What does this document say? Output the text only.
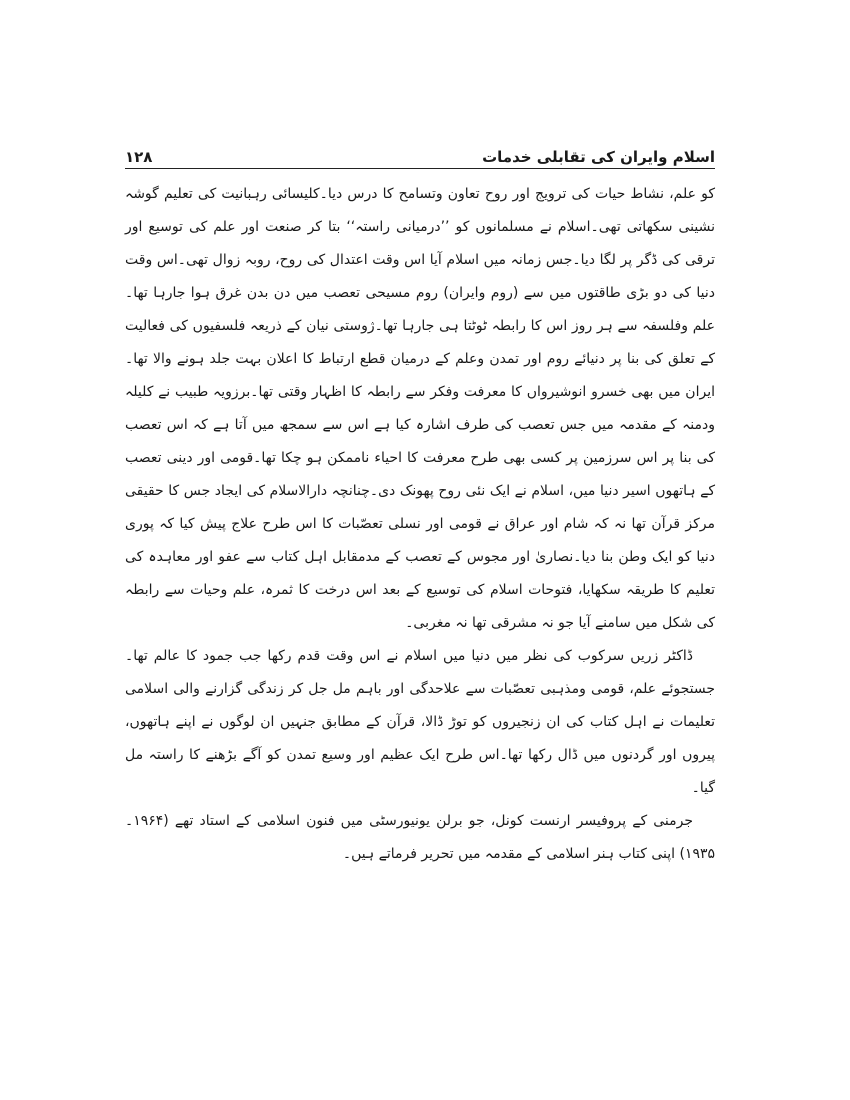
اسلام وایران کی تقابلی خدمات
۱۲۸

کو علم، نشاط حیات کی ترویج اور روح تعاون وتسامح کا درس دیا۔کلیسائی رہبانیت کی تعلیم گوشہ نشینی سکھاتی تھی۔اسلام نے مسلمانوں کو ’’درمیانی راستہ‘‘ بتا کر صنعت اور علم کی توسیع اور ترقی کی ڈگر پر لگا دیا۔جس زمانہ میں اسلام آیا اس وقت اعتدال کی روح، روبہ زوال تھی۔اس وقت دنیا کی دو بڑی طاقتوں میں سے (روم وایران) روم مسیحی تعصب میں دن بدن غرق ہوا جارہا تھا۔علم وفلسفہ سے ہر روز اس کا رابطہ ٹوٹتا ہی جارہا تھا۔ژوستی نیان کے ذریعہ فلسفیوں کی فعالیت کے تعلق کی بنا پر دنیائے روم اور تمدن وعلم کے درمیان قطع ارتباط کا اعلان بہت جلد ہونے والا تھا۔ایران میں بھی خسرو انوشیرواں کا معرفت وفکر سے رابطہ کا اظہار وقتی تھا۔برزویہ طبیب نے کلیلہ ودمنہ کے مقدمہ میں جس تعصب کی طرف اشارہ کیا ہے اس سے سمجھ میں آتا ہے کہ اس تعصب کی بنا پر اس سرزمین پر کسی بھی طرح معرفت کا احیاء ناممکن ہو چکا تھا۔قومی اور دینی تعصب کے ہاتھوں اسیر دنیا میں، اسلام نے ایک نئی روح پھونک دی۔چنانچہ دارالاسلام کی ایجاد جس کا حقیقی مرکز قرآن تھا نہ کہ شام اور عراق نے قومی اور نسلی تعصّبات کا اس طرح علاج پیش کیا کہ پوری دنیا کو ایک وطن بنا دیا۔نصاریٰ اور مجوس کے تعصب کے مدمقابل اہل کتاب سے عفو اور معاہدہ کی تعلیم کا طریقہ سکھایا، فتوحات اسلام کی توسیع کے بعد اس درخت کا ثمرہ، علم وحیات سے رابطہ کی شکل میں سامنے آیا جو نہ مشرقی تھا نہ مغربی۔

ڈاکٹر زریں سرکوب کی نظر میں دنیا میں اسلام نے اس وقت قدم رکھا جب جمود کا عالم تھا۔جستجوئے علم، قومی ومذہبی تعصّبات سے علاحدگی اور باہم مل جل کر زندگی گزارنے والی اسلامی تعلیمات نے اہل کتاب کی ان زنجیروں کو توڑ ڈالا، قرآن کے مطابق جنہیں ان لوگوں نے اپنے ہاتھوں، پیروں اور گردنوں میں ڈال رکھا تھا۔اس طرح ایک عظیم اور وسیع تمدن کو آگے بڑھنے کا راستہ مل گیا۔

جرمنی کے پروفیسر ارنست کونل، جو برلن یونیورسٹی میں فنون اسلامی کے استاد تھے (۱۹۶۴۔۱۹۳۵) اپنی کتاب ہنر اسلامی کے مقدمہ میں تحریر فرماتے ہیں۔
